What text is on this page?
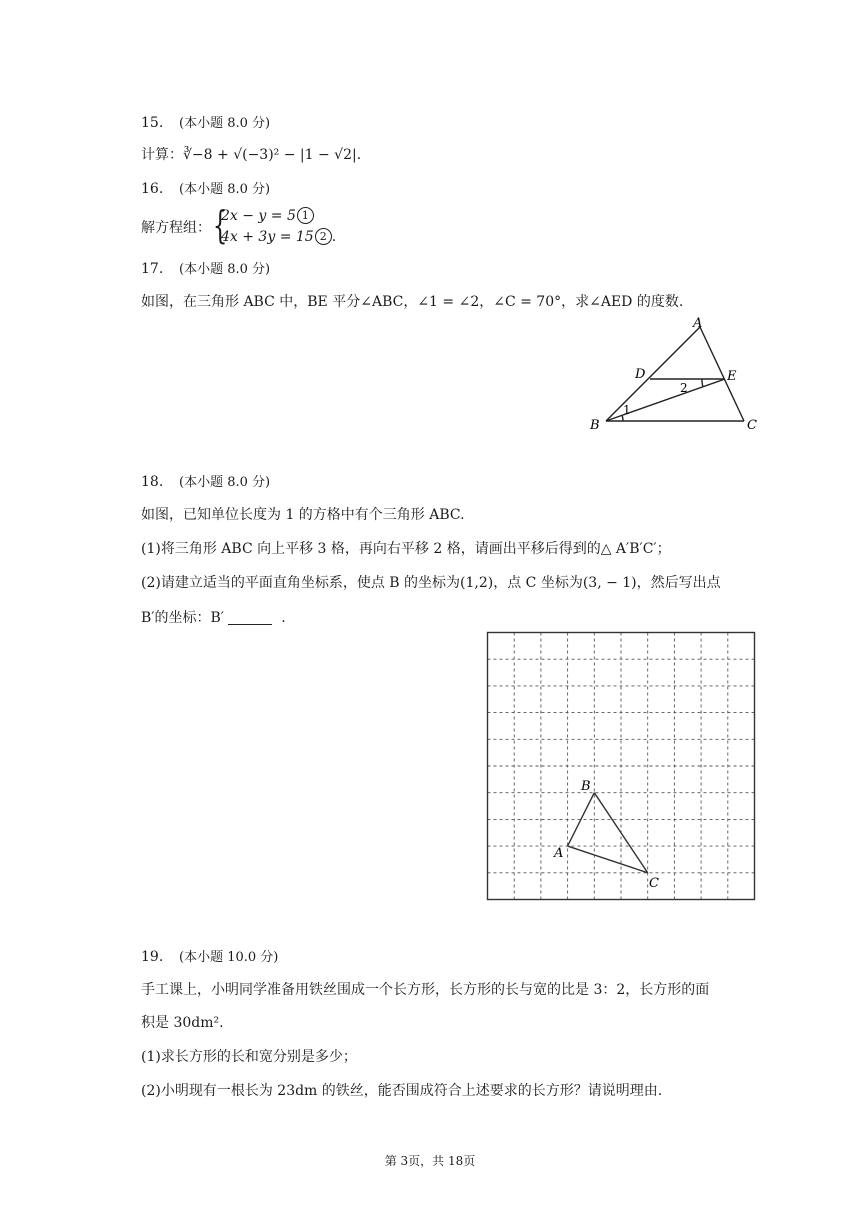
15. (本小题 8.0 分)
计算：∛−8 + √(−3)² − |1 − √2|.
16. (本小题 8.0 分)
解方程组： {
2x − y = 5 1
4x + 3y = 15 2 .
17. (本小题 8.0 分)
如图，在三角形 ABC 中，BE 平分∠ABC，∠1 = ∠2，∠C = 70°，求∠AED 的度数.
A
D	E
B	C
1
2
18. (本小题 8.0 分)
如图，已知单位长度为 1 的方格中有个三角形 ABC.
(1)将三角形 ABC 向上平移 3 格，再向右平移 2 格，请画出平移后得到的△ A′B′C′；
(2)请建立适当的平面直角坐标系，使点 B 的坐标为(1,2)，点 C 坐标为(3, − 1)，然后写出点
B′的坐标：B′	.
B
A
C
19. (本小题 10.0 分)
手工课上，小明同学准备用铁丝围成一个长方形，长方形的长与宽的比是 3：2，长方形的面
积是 30dm².
(1)求长方形的长和宽分别是多少；
(2)小明现有一根长为 23dm 的铁丝，能否围成符合上述要求的长方形？请说明理由.
第 3页，共 18页
